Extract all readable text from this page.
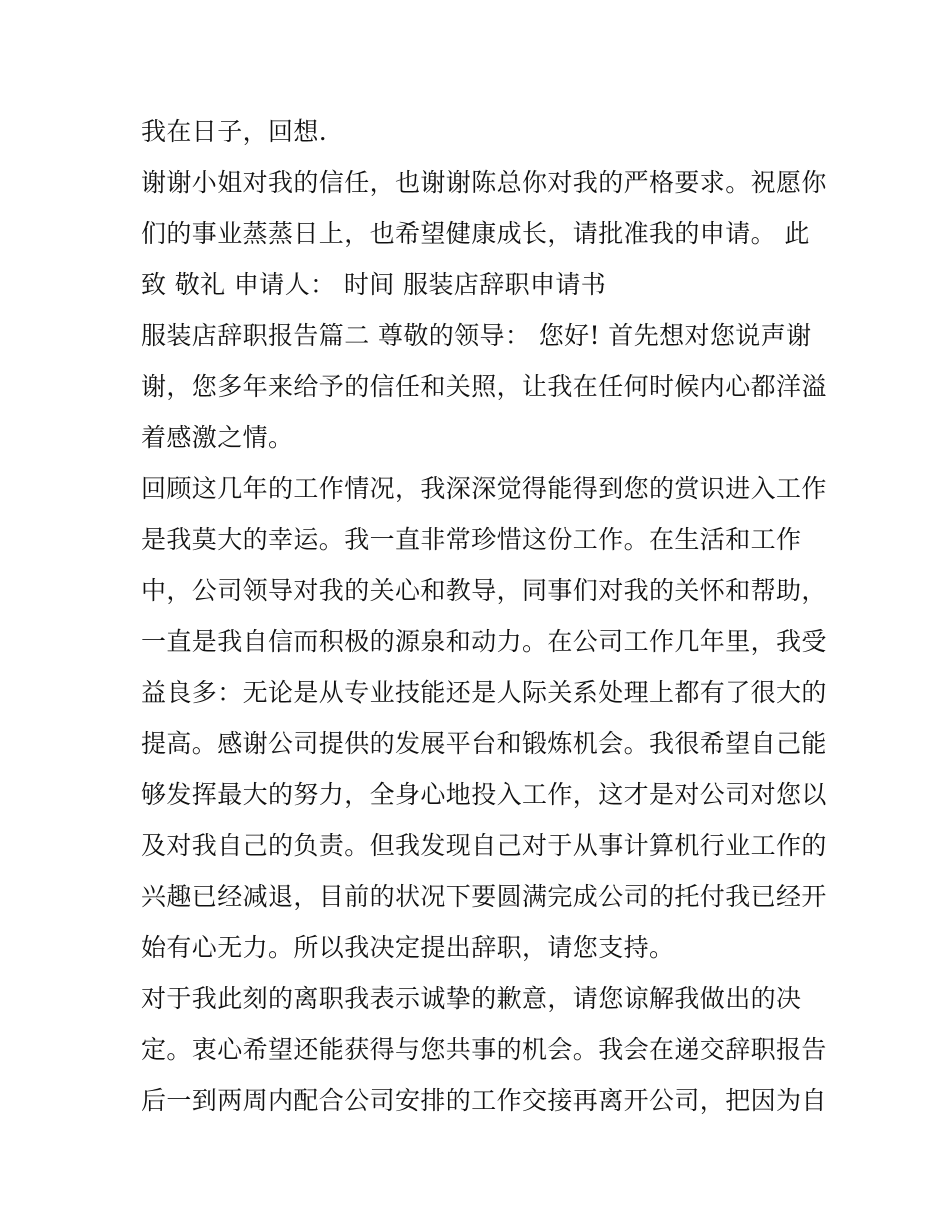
我在日子，回想.
谢谢小姐对我的信任，也谢谢陈总你对我的严格要求。祝愿你
们的事业蒸蒸日上，也希望健康成长，请批准我的申请。 此
致 敬礼 申请人： 时间 服装店辞职申请书
服装店辞职报告篇二 尊敬的领导： 您好! 首先想对您说声谢
谢，您多年来给予的信任和关照，让我在任何时候内心都洋溢
着感激之情。
回顾这几年的工作情况，我深深觉得能得到您的赏识进入工作
是我莫大的幸运。我一直非常珍惜这份工作。在生活和工作
中，公司领导对我的关心和教导，同事们对我的关怀和帮助，
一直是我自信而积极的源泉和动力。在公司工作几年里，我受
益良多：无论是从专业技能还是人际关系处理上都有了很大的
提高。感谢公司提供的发展平台和锻炼机会。我很希望自己能
够发挥最大的努力，全身心地投入工作，这才是对公司对您以
及对我自己的负责。但我发现自己对于从事计算机行业工作的
兴趣已经减退，目前的状况下要圆满完成公司的托付我已经开
始有心无力。所以我决定提出辞职，请您支持。
对于我此刻的离职我表示诚挚的歉意，请您谅解我做出的决
定。衷心希望还能获得与您共事的机会。我会在递交辞职报告
后一到两周内配合公司安排的工作交接再离开公司，把因为自
